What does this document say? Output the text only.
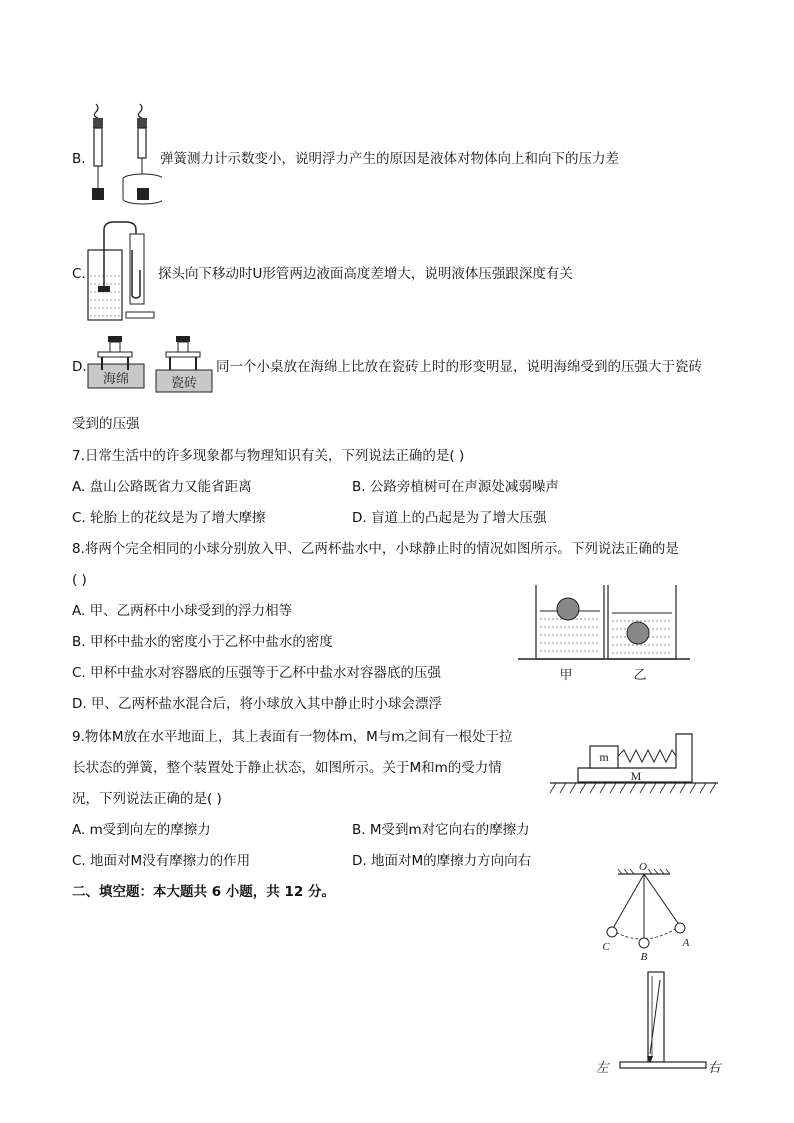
B.	弹簧测力计示数变小，说明浮力产生的原因是液体对物体向上和向下的压力差
C.	探头向下移动时U形管两边液面高度差增大，说明液体压强跟深度有关
D.
海绵	瓷砖
同一个小桌放在海绵上比放在瓷砖上时的形变明显，说明海绵受到的压强大于瓷砖
受到的压强
7.日常生活中的许多现象都与物理知识有关，下列说法正确的是( )
A. 盘山公路既省力又能省距离	B. 公路旁植树可在声源处减弱噪声
C. 轮胎上的花纹是为了增大摩擦	D. 盲道上的凸起是为了增大压强
8.将两个完全相同的小球分别放入甲、乙两杯盐水中，小球静止时的情况如图所示。下列说法正确的是
( )
A. 甲、乙两杯中小球受到的浮力相等
B. 甲杯中盐水的密度小于乙杯中盐水的密度
C. 甲杯中盐水对容器底的压强等于乙杯中盐水对容器底的压强
D. 甲、乙两杯盐水混合后，将小球放入其中静止时小球会漂浮
甲	乙
9.物体M放在水平地面上，其上表面有一物体m，M与m之间有一根处于拉
长状态的弹簧，整个装置处于静止状态，如图所示。关于M和m的受力情
况，下列说法正确的是( )
M
m
A. m受到向左的摩擦力	B. M受到m对它向右的摩擦力
C. 地面对M没有摩擦力的作用	D. 地面对M的摩擦力方向向右
二、填空题：本大题共 6 小题，共 12 分。
O
C
B
A
左	右
